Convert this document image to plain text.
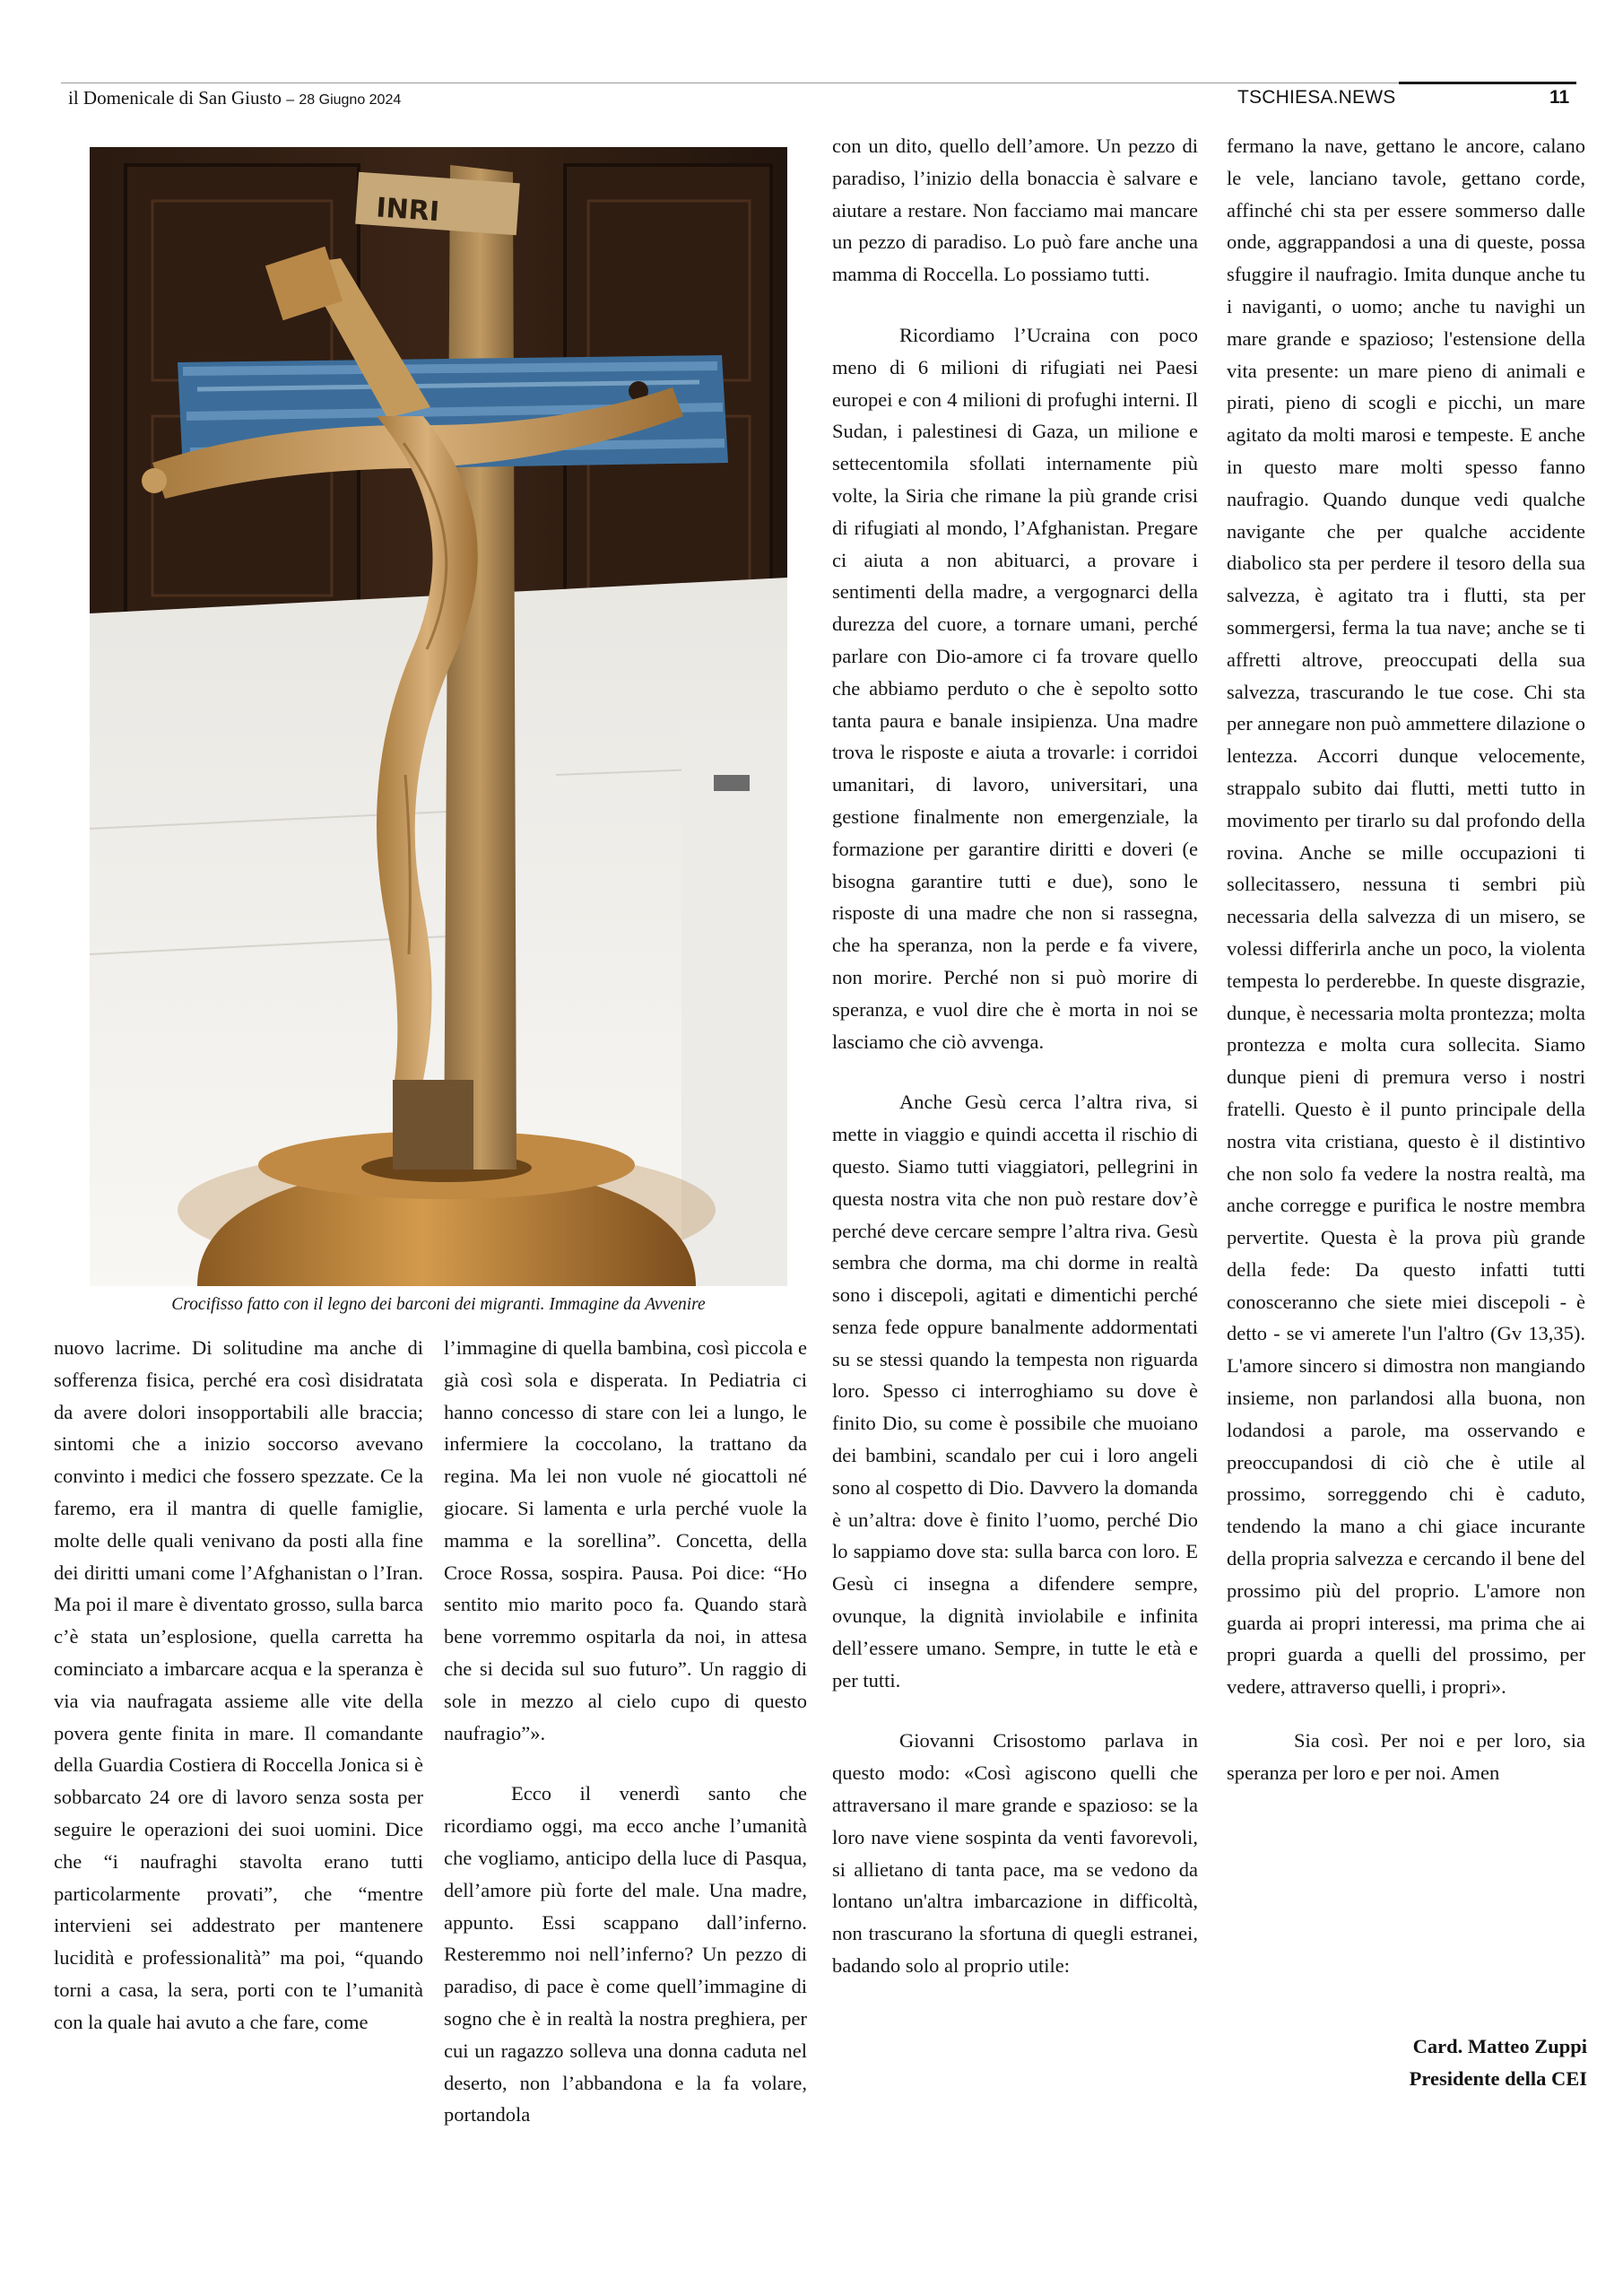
il Domenicale di San Giusto – 28 Giugno 2024	TSCHIESA.NEWS	11
INRI
Crocifisso fatto con il legno dei barconi dei migranti. Immagine da Avvenire

nuovo lacrime. Di solitudine ma anche di sofferenza fisica, perché era così disidratata da avere dolori insopportabili alle braccia; sintomi che a inizio soccorso avevano convinto i medici che fossero spezzate. Ce la faremo, era il mantra di quelle famiglie, molte delle quali venivano da posti alla fine dei diritti umani come l’Afghanistan o l’Iran. Ma poi il mare è diventato grosso, sulla barca c’è stata un’esplosione, quella carretta ha cominciato a imbarcare acqua e la speranza è via via naufragata assieme alle vite della povera gente finita in mare. Il comandante della Guardia Costiera di Roccella Jonica si è sobbarcato 24 ore di lavoro senza sosta per seguire le operazioni dei suoi uomini. Dice che “i naufraghi stavolta erano tutti particolarmente provati”, che “mentre intervieni sei addestrato per mantenere lucidità e professionalità” ma poi, “quando torni a casa, la sera, porti con te l’umanità con la quale hai avuto a che fare, come

l’immagine di quella bambina, così piccola e già così sola e disperata. In Pediatria ci hanno concesso di stare con lei a lungo, le infermiere la coccolano, la trattano da regina. Ma lei non vuole né giocattoli né giocare. Si lamenta e urla perché vuole la mamma e la sorellina”. Concetta, della Croce Rossa, sospira. Pausa. Poi dice: “Ho sentito mio marito poco fa. Quando starà bene vorremmo ospitarla da noi, in attesa che si decida sul suo futuro”. Un raggio di sole in mezzo al cielo cupo di questo naufragio”».

Ecco il venerdì santo che ricordiamo oggi, ma ecco anche l’umanità che vogliamo, anticipo della luce di Pasqua, dell’amore più forte del male. Una madre, appunto. Essi scappano dall’inferno. Resteremmo noi nell’inferno? Un pezzo di paradiso, di pace è come quell’immagine di sogno che è in realtà la nostra preghiera, per cui un ragazzo solleva una donna caduta nel deserto, non l’abbandona e la fa volare, portandola

con un dito, quello dell’amore. Un pezzo di paradiso, l’inizio della bonaccia è salvare e aiutare a restare. Non facciamo mai mancare un pezzo di paradiso. Lo può fare anche una mamma di Roccella. Lo possiamo tutti.

Ricordiamo l’Ucraina con poco meno di 6 milioni di rifugiati nei Paesi europei e con 4 milioni di profughi interni. Il Sudan, i palestinesi di Gaza, un milione e settecentomila sfollati internamente più volte, la Siria che rimane la più grande crisi di rifugiati al mondo, l’Afghanistan. Pregare ci aiuta a non abituarci, a provare i sentimenti della madre, a vergognarci della durezza del cuore, a tornare umani, perché parlare con Dio-amore ci fa trovare quello che abbiamo perduto o che è sepolto sotto tanta paura e banale insipienza. Una madre trova le risposte e aiuta a trovarle: i corridoi umanitari, di lavoro, universitari, una gestione finalmente non emergenziale, la formazione per garantire diritti e doveri (e bisogna garantire tutti e due), sono le risposte di una madre che non si rassegna, che ha speranza, non la perde e fa vivere, non morire. Perché non si può morire di speranza, e vuol dire che è morta in noi se lasciamo che ciò avvenga.

Anche Gesù cerca l’altra riva, si mette in viaggio e quindi accetta il rischio di questo. Siamo tutti viaggiatori, pellegrini in questa nostra vita che non può restare dov’è perché deve cercare sempre l’altra riva. Gesù sembra che dorma, ma chi dorme in realtà sono i discepoli, agitati e dimentichi perché senza fede oppure banalmente addormentati su se stessi quando la tempesta non riguarda loro. Spesso ci interroghiamo su dove è finito Dio, su come è possibile che muoiano dei bambini, scandalo per cui i loro angeli sono al cospetto di Dio. Davvero la domanda è un’altra: dove è finito l’uomo, perché Dio lo sappiamo dove sta: sulla barca con loro. E Gesù ci insegna a difendere sempre, ovunque, la dignità inviolabile e infinita dell’essere umano. Sempre, in tutte le età e per tutti.

Giovanni Crisostomo parlava in questo modo: «Così agiscono quelli che attraversano il mare grande e spazioso: se la loro nave viene sospinta da venti favorevoli, si allietano di tanta pace, ma se vedono da lontano un'altra imbarcazione in difficoltà, non trascurano la sfortuna di quegli estranei, badando solo al proprio utile:

fermano la nave, gettano le ancore, calano le vele, lanciano tavole, gettano corde, affinché chi sta per essere sommerso dalle onde, aggrappandosi a una di queste, possa sfuggire il naufragio. Imita dunque anche tu i naviganti, o uomo; anche tu navighi un mare grande e spazioso; l'estensione della vita presente: un mare pieno di animali e pirati, pieno di scogli e picchi, un mare agitato da molti marosi e tempeste. E anche in questo mare molti spesso fanno naufragio. Quando dunque vedi qualche navigante che per qualche accidente diabolico sta per perdere il tesoro della sua salvezza, è agitato tra i flutti, sta per sommergersi, ferma la tua nave; anche se ti affretti altrove, preoccupati della sua salvezza, trascurando le tue cose. Chi sta per annegare non può ammettere dilazione o lentezza. Accorri dunque velocemente, strappalo subito dai flutti, metti tutto in movimento per tirarlo su dal profondo della rovina. Anche se mille occupazioni ti sollecitassero, nessuna ti sembri più necessaria della salvezza di un misero, se volessi differirla anche un poco, la violenta tempesta lo perderebbe. In queste disgrazie, dunque, è necessaria molta prontezza; molta prontezza e molta cura sollecita. Siamo dunque pieni di premura verso i nostri fratelli. Questo è il punto principale della nostra vita cristiana, questo è il distintivo che non solo fa vedere la nostra realtà, ma anche corregge e purifica le nostre membra pervertite. Questa è la prova più grande della fede: Da questo infatti tutti conosceranno che siete miei discepoli - è detto - se vi amerete l'un l'altro (Gv 13,35). L'amore sincero si dimostra non mangiando insieme, non parlandosi alla buona, non lodandosi a parole, ma osservando e preoccupandosi di ciò che è utile al prossimo, sorreggendo chi è caduto, tendendo la mano a chi giace incurante della propria salvezza e cercando il bene del prossimo più del proprio. L'amore non guarda ai propri interessi, ma prima che ai propri guarda a quelli del prossimo, per vedere, attraverso quelli, i propri».

Sia così. Per noi e per loro, sia speranza per loro e per noi. Amen

Card. Matteo Zuppi
Presidente della CEI
